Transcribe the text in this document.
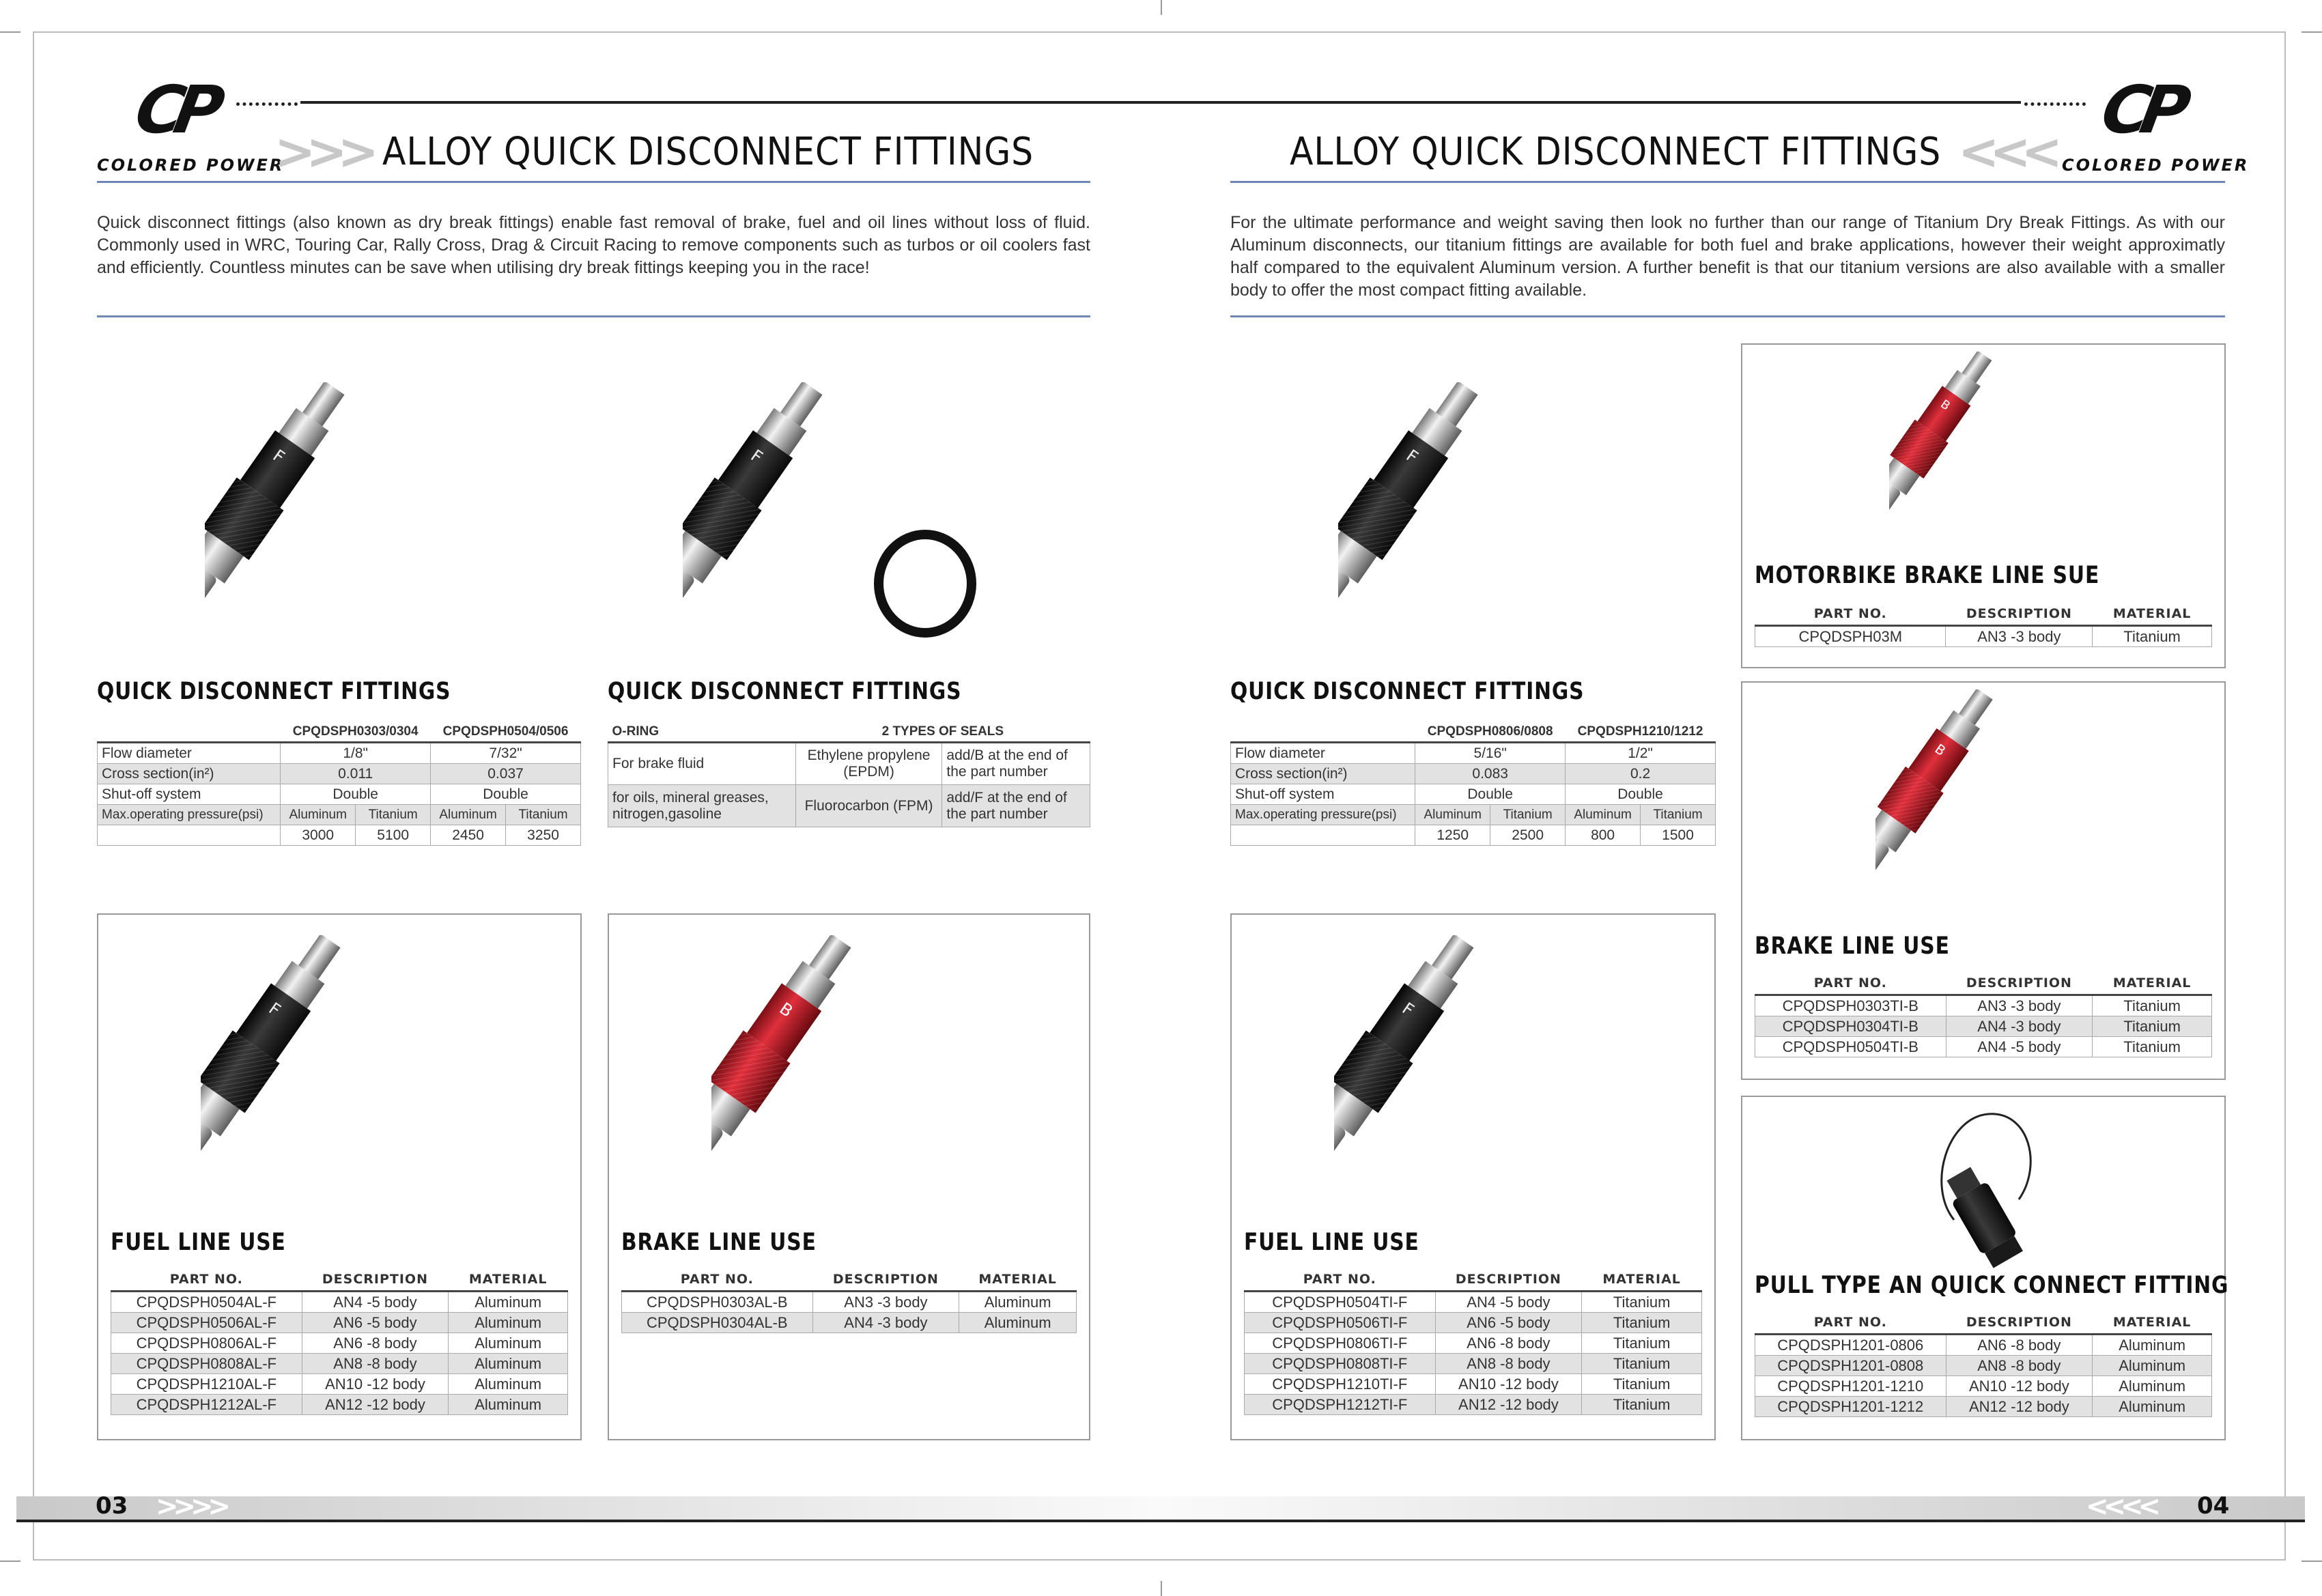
CP
COLORED POWER
>>> ALLOY QUICK DISCONNECT FITTINGS
Quick disconnect fittings (also known as dry break fittings) enable fast removal of brake, fuel and oil lines without loss of fluid. Commonly used in WRC, Touring Car, Rally Cross, Drag & Circuit Racing to remove components such as turbos or oil coolers fast and efficiently. Countless minutes can be save when utilising dry break fittings keeping you in the race!
CP
COLORED POWER
<<<
ALLOY QUICK DISCONNECT FITTINGS
For the ultimate performance and weight saving then look no further than our range of Titanium Dry Break Fittings. As with our Aluminum disconnects, our titanium fittings are available for both fuel and brake applications, however their weight approximatly half compared to the equivalent Aluminum version. A further benefit is that our titanium versions are also available with a smaller body to offer the most compact fitting available.
F	F	F
QUICK DISCONNECT FITTINGS
	CPQDSPH0303/0304		CPQDSPH0504/0506	
Flow diameter	1/8"		7/32"	
Cross section(in²)	0.011		0.037	
Shut-off system	Double		Double	
Max.operating pressure(psi)	Aluminum	Titanium	Aluminum	Titanium
	3000	5100	2450	3250
QUICK DISCONNECT FITTINGS
O-RING	2 TYPES OF SEALS	
For brake fluid	Ethylene propylene (EPDM)	add/B at the end of the part number
for oils, mineral greases, nitrogen,gasoline	Fluorocarbon (FPM)	add/F at the end of the part number
QUICK DISCONNECT FITTINGS
	CPQDSPH0806/0808		CPQDSPH1210/1212	
Flow diameter	5/16"		1/2"	
Cross section(in²)	0.083		0.2	
Shut-off system	Double		Double	
Max.operating pressure(psi)	Aluminum	Titanium	Aluminum	Titanium
	1250	2500	800	1500
F
FUEL LINE USE
PART NO.	DESCRIPTION	MATERIAL
CPQDSPH0504AL-F	AN4 -5 body	Aluminum
CPQDSPH0506AL-F	AN6 -5 body	Aluminum
CPQDSPH0806AL-F	AN6 -8 body	Aluminum
CPQDSPH0808AL-F	AN8 -8 body	Aluminum
CPQDSPH1210AL-F	AN10 -12 body	Aluminum
CPQDSPH1212AL-F	AN12 -12 body	Aluminum
B
BRAKE LINE USE
PART NO.	DESCRIPTION	MATERIAL
CPQDSPH0303AL-B	AN3 -3 body	Aluminum
CPQDSPH0304AL-B	AN4 -3 body	Aluminum
F
FUEL LINE USE
PART NO.	DESCRIPTION	MATERIAL
CPQDSPH0504TI-F	AN4 -5 body	Titanium
CPQDSPH0506TI-F	AN6 -5 body	Titanium
CPQDSPH0806TI-F	AN6 -8 body	Titanium
CPQDSPH0808TI-F	AN8 -8 body	Titanium
CPQDSPH1210TI-F	AN10 -12 body	Titanium
CPQDSPH1212TI-F	AN12 -12 body	Titanium
B
MOTORBIKE BRAKE LINE SUE
PART NO.	DESCRIPTION	MATERIAL
CPQDSPH03M	AN3 -3 body	Titanium
B
BRAKE LINE USE
PART NO.	DESCRIPTION	MATERIAL
CPQDSPH0303TI-B	AN3 -3 body	Titanium
CPQDSPH0304TI-B	AN4 -3 body	Titanium
CPQDSPH0504TI-B	AN4 -5 body	Titanium
PULL TYPE AN QUICK CONNECT FITTING
PART NO.	DESCRIPTION	MATERIAL
CPQDSPH1201-0806	AN6 -8 body	Aluminum
CPQDSPH1201-0808	AN8 -8 body	Aluminum
CPQDSPH1201-1210	AN10 -12 body	Aluminum
CPQDSPH1201-1212	AN12 -12 body	Aluminum
03 >>>>	<<<< 04
